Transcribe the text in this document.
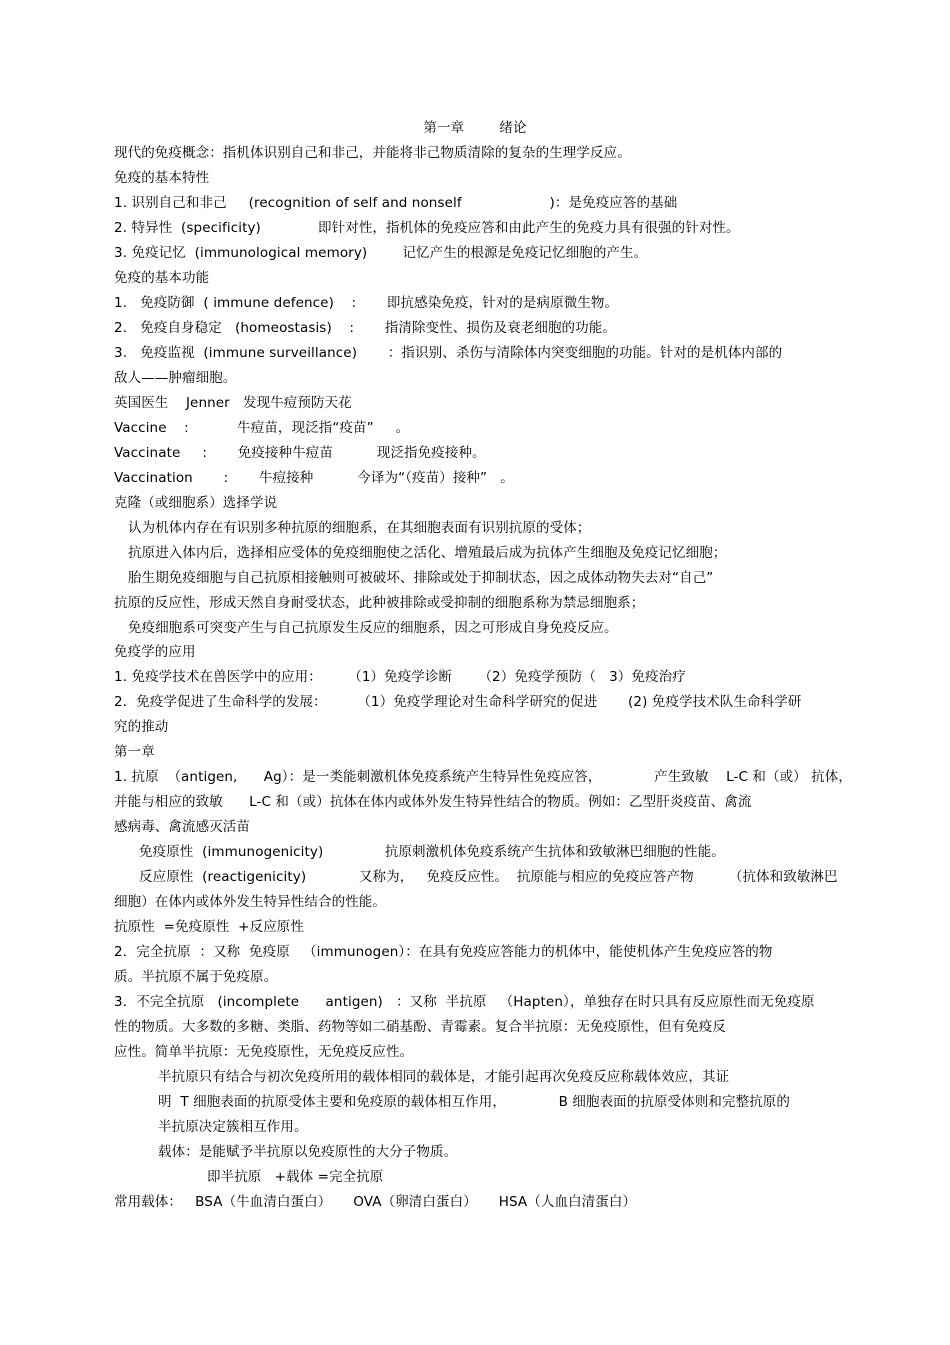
第一章        绪论
现代的免疫概念：指机体识别自己和非己，并能将非己物质清除的复杂的生理学反应。
免疫的基本特性
1. 识别自己和非己     (recognition of self and nonself                    )：是免疫应答的基础
2. 特异性  (specificity)             即针对性，指机体的免疫应答和由此产生的免疫力具有很强的针对性。
3. 免疫记忆  (immunological memory)        记忆产生的根源是免疫记忆细胞的产生。
免疫的基本功能
1.   免疫防御  ( immune defence)    :       即抗感染免疫，针对的是病原微生物。
2.   免疫自身稳定   (homeostasis)    :       指清除变性、损伤及衰老细胞的功能。
3.   免疫监视  (immune surveillance)       ：指识别、杀伤与清除体内突变细胞的功能。针对的是机体内部的
敌人——肿瘤细胞。
英国医生    Jenner   发现牛痘预防天花
Vaccine    :           牛痘苗，现泛指“疫苗”     。
Vaccinate     :       免疫接种牛痘苗          现泛指免疫接种。
Vaccination       :       牛痘接种          今译为“（疫苗）接种”   。
克隆（或细胞系）选择学说
认为机体内存在有识别多种抗原的细胞系，在其细胞表面有识别抗原的受体；
抗原进入体内后，选择相应受体的免疫细胞使之活化、增殖最后成为抗体产生细胞及免疫记忆细胞；
胎生期免疫细胞与自己抗原相接触则可被破坏、排除或处于抑制状态，因之成体动物失去对“自己”
抗原的反应性，形成天然自身耐受状态，此种被排除或受抑制的细胞系称为禁忌细胞系；
免疫细胞系可突变产生与自己抗原发生反应的细胞系，因之可形成自身免疫反应。
免疫学的应用
1. 免疫学技术在兽医学中的应用：      （1）免疫学诊断      （2）免疫学预防（   3）免疫治疗
2．免疫学促进了生命科学的发展：       （1）免疫学理论对生命科学研究的促进       (2) 免疫学技术队生命科学研
究的推动
第一章
1. 抗原  （antigen,      Ag）：是一类能刺激机体免疫系统产生特异性免疫应答，            产生致敏    L-C 和（或） 抗体，
并能与相应的致敏      L-C 和（或）抗体在体内或体外发生特异性结合的物质。例如：乙型肝炎疫苗、禽流
感病毒、禽流感灭活苗
免疫原性  (immunogenicity)              抗原刺激机体免疫系统产生抗体和致敏淋巴细胞的性能。
反应原性  (reactigenicity)            又称为，   免疫反应性。  抗原能与相应的免疫应答产物        （抗体和致敏淋巴
细胞）在体内或体外发生特异性结合的性能。
抗原性  =免疫原性  +反应原性
2．完全抗原  ：又称  免疫原   （immunogen）：在具有免疫应答能力的机体中，能使机体产生免疫应答的物
质。半抗原不属于免疫原。
3．不完全抗原   (incomplete      antigen)   ：又称  半抗原   （Hapten），单独存在时只具有反应原性而无免疫原
性的物质。大多数的多糖、类脂、药物等如二硝基酚、青霉素。复合半抗原：无免疫原性，但有免疫反
应性。简单半抗原：无免疫原性，无免疫反应性。
半抗原只有结合与初次免疫所用的载体相同的载体是，才能引起再次免疫反应称载体效应，其证
明  T 细胞表面的抗原受体主要和免疫原的载体相互作用，            B 细胞表面的抗原受体则和完整抗原的
半抗原决定簇相互作用。
载体：是能赋予半抗原以免疫原性的大分子物质。
即半抗原   +载体 =完全抗原
常用载体：   BSA（牛血清白蛋白）     OVA（卵清白蛋白）     HSA（人血白清蛋白）
